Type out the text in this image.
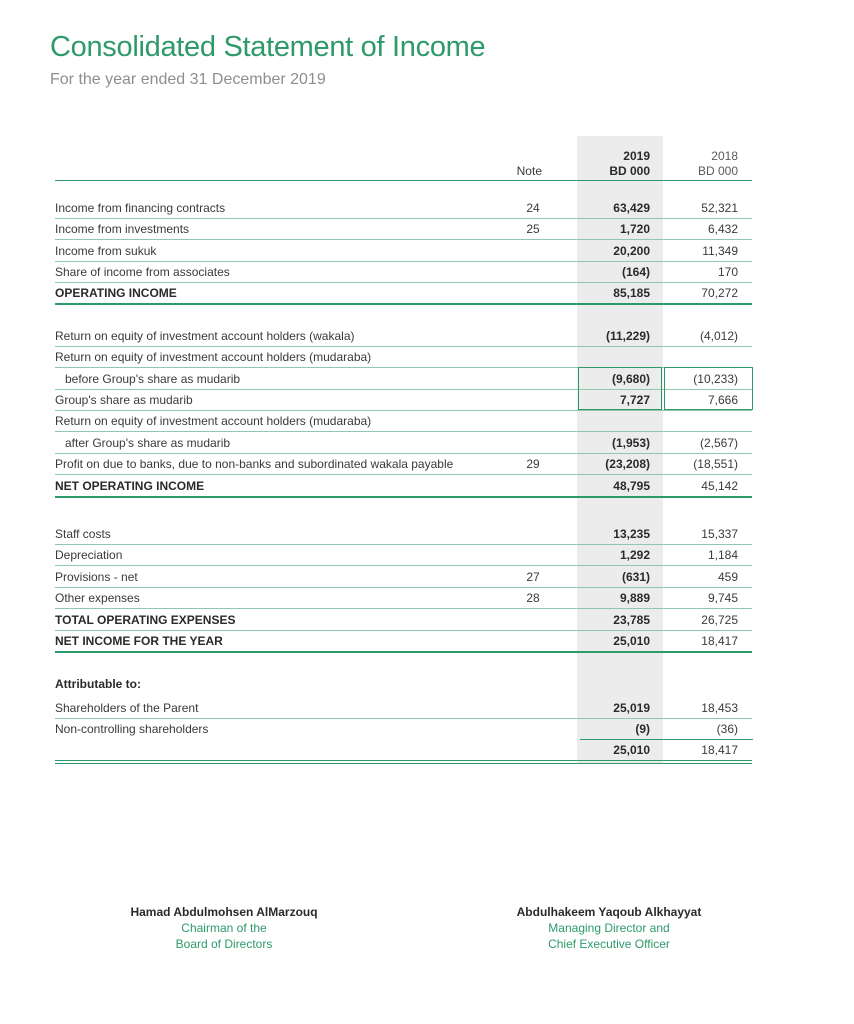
Consolidated Statement of Income
For the year ended 31 December 2019
Note
2019
BD 000
2018
BD 000
Income from financing contracts	24	63,429	52,321
Income from investments	25	1,720	6,432
Income from sukuk	20,200	11,349
Share of income from associates	(164)	170
OPERATING INCOME	85,185	70,272
Return on equity of investment account holders (wakala)	(11,229)	(4,012)
Return on equity of investment account holders (mudaraba)
before Group's share as mudarib	(9,680)	(10,233)
Group's share as mudarib	7,727	7,666
Return on equity of investment account holders (mudaraba)
after Group's share as mudarib	(1,953)	(2,567)
Profit on due to banks, due to non-banks and subordinated wakala payable	29	(23,208)	(18,551)
NET OPERATING INCOME	48,795	45,142
Staff costs	13,235	15,337
Depreciation	1,292	1,184
Provisions - net	27	(631)	459
Other expenses	28	9,889	9,745
TOTAL OPERATING EXPENSES	23,785	26,725
NET INCOME FOR THE YEAR	25,010	18,417
Attributable to:
Shareholders of the Parent	25,019	18,453
Non-controlling shareholders	(9)	(36)
25,010	18,417
Hamad Abdulmohsen AlMarzouq
Chairman of the
Board of Directors
Abdulhakeem Yaqoub Alkhayyat
Managing Director and
Chief Executive Officer
